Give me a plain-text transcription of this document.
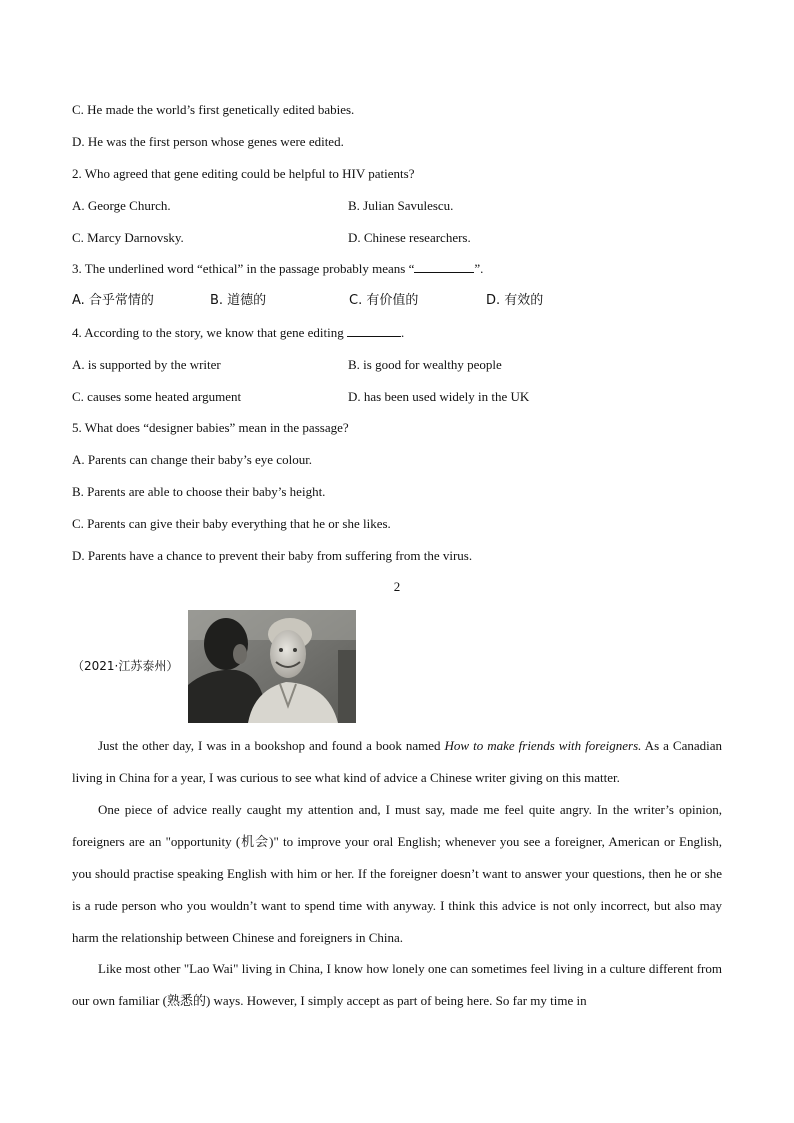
C. He made the world’s first genetically edited babies.
D. He was the first person whose genes were edited.
2. Who agreed that gene editing could be helpful to HIV patients?
A. George Church.	B. Julian Savulescu.
C. Marcy Darnovsky.	D. Chinese researchers.
3. The underlined word “ethical” in the passage probably means “	”.
A. 合乎常情的	B. 道德的	C. 有价值的	D. 有效的
4. According to the story, we know that gene editing	.
A. is supported by the writer	B. is good for wealthy people
C. causes some heated argument	D. has been used widely in the UK
5. What does “designer babies” mean in the passage?
A. Parents can change their baby’s eye colour.
B. Parents are able to choose their baby’s height.
C. Parents can give their baby everything that he or she likes.
D. Parents have a chance to prevent their baby from suffering from the virus.
2
（2021·江苏泰州）
Just the other day, I was in a bookshop and found a book named How to make friends with foreigners. As a Canadian living in China for a year, I was curious to see what kind of advice a Chinese writer giving on this matter.
One piece of advice really caught my attention and, I must say, made me feel quite angry. In the writer’s opinion, foreigners are an "opportunity (机会)" to improve your oral English; whenever you see a foreigner, American or English, you should practise speaking English with him or her. If the foreigner doesn’t want to answer your questions, then he or she is a rude person who you wouldn’t want to spend time with anyway. I think this advice is not only incorrect, but also may harm the relationship between Chinese and foreigners in China.
Like most other "Lao Wai" living in China, I know how lonely one can sometimes feel living in a culture different from our own familiar (熟悉的) ways. However, I simply accept as part of being here. So far my time in
